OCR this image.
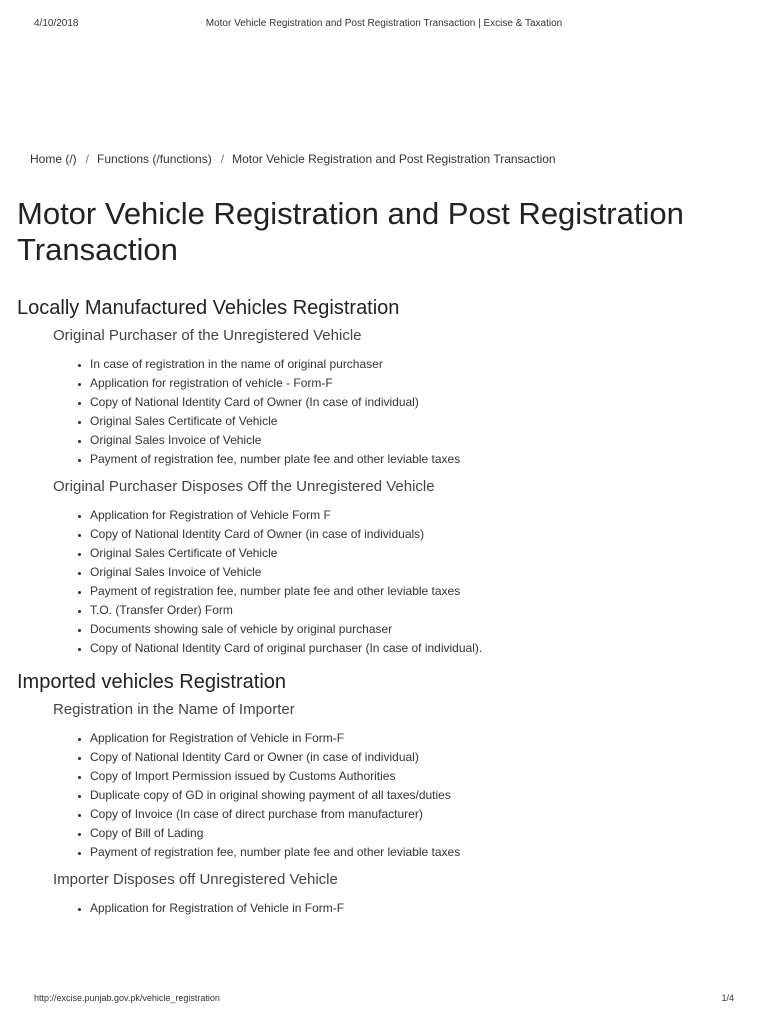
4/10/2018	Motor Vehicle Registration and Post Registration Transaction | Excise & Taxation
Home (/) / Functions (/functions) / Motor Vehicle Registration and Post Registration Transaction
Motor Vehicle Registration and Post Registration Transaction
Locally Manufactured Vehicles Registration
Original Purchaser of the Unregistered Vehicle
• In case of registration in the name of original purchaser
• Application for registration of vehicle - Form-F
• Copy of National Identity Card of Owner (In case of individual)
• Original Sales Certificate of Vehicle
• Original Sales Invoice of Vehicle
• Payment of registration fee, number plate fee and other leviable taxes
Original Purchaser Disposes Off the Unregistered Vehicle
• Application for Registration of Vehicle Form F
• Copy of National Identity Card of Owner (in case of individuals)
• Original Sales Certificate of Vehicle
• Original Sales Invoice of Vehicle
• Payment of registration fee, number plate fee and other leviable taxes
• T.O. (Transfer Order) Form
• Documents showing sale of vehicle by original purchaser
• Copy of National Identity Card of original purchaser (In case of individual).
Imported vehicles Registration
Registration in the Name of Importer
• Application for Registration of Vehicle in Form-F
• Copy of National Identity Card or Owner (in case of individual)
• Copy of Import Permission issued by Customs Authorities
• Duplicate copy of GD in original showing payment of all taxes/duties
• Copy of Invoice (In case of direct purchase from manufacturer)
• Copy of Bill of Lading
• Payment of registration fee, number plate fee and other leviable taxes
Importer Disposes off Unregistered Vehicle
• Application for Registration of Vehicle in Form-F
http://excise.punjab.gov.pk/vehicle_registration	1/4
